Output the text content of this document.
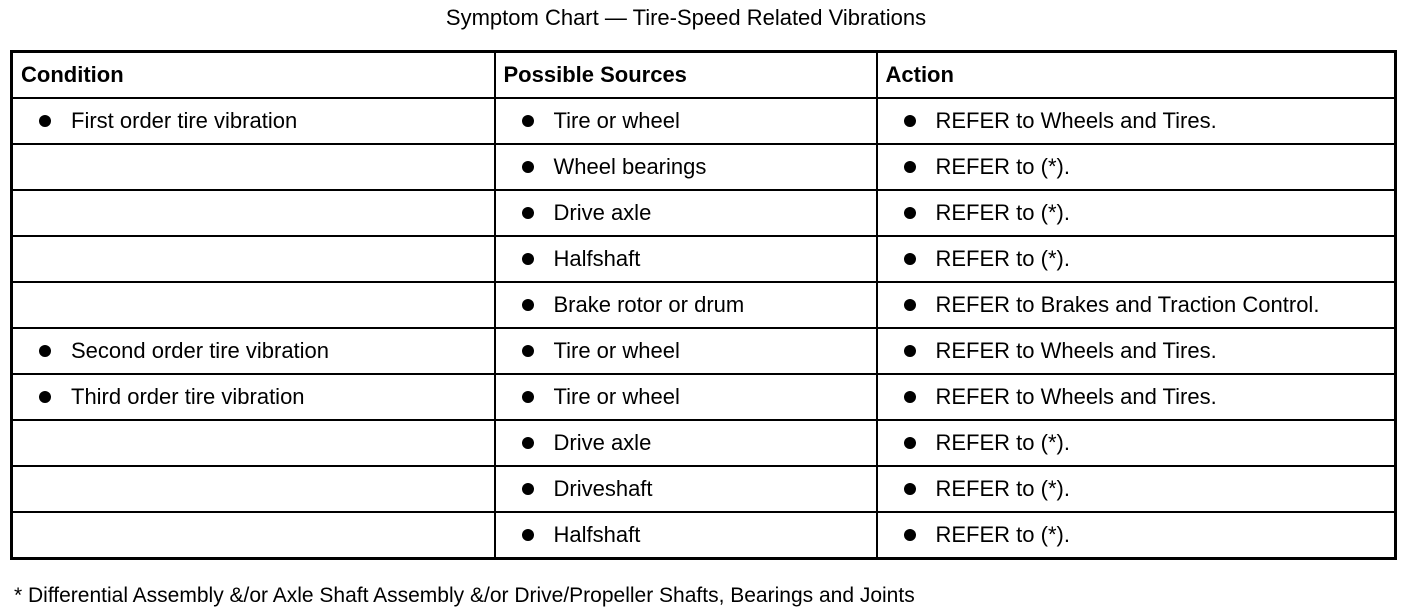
Symptom Chart — Tire-Speed Related Vibrations
Condition	Possible Sources	Action

First order tire vibration	Tire or wheel	REFER to Wheels and Tires.

	Wheel bearings	REFER to (*).

	Drive axle	REFER to (*).

	Halfshaft	REFER to (*).

	Brake rotor or drum	REFER to Brakes and Traction Control.

Second order tire vibration	Tire or wheel	REFER to Wheels and Tires.

Third order tire vibration	Tire or wheel	REFER to Wheels and Tires.

	Drive axle	REFER to (*).

	Driveshaft	REFER to (*).

	Halfshaft	REFER to (*).
* Differential Assembly &/or Axle Shaft Assembly &/or Drive/Propeller Shafts, Bearings and Joints
